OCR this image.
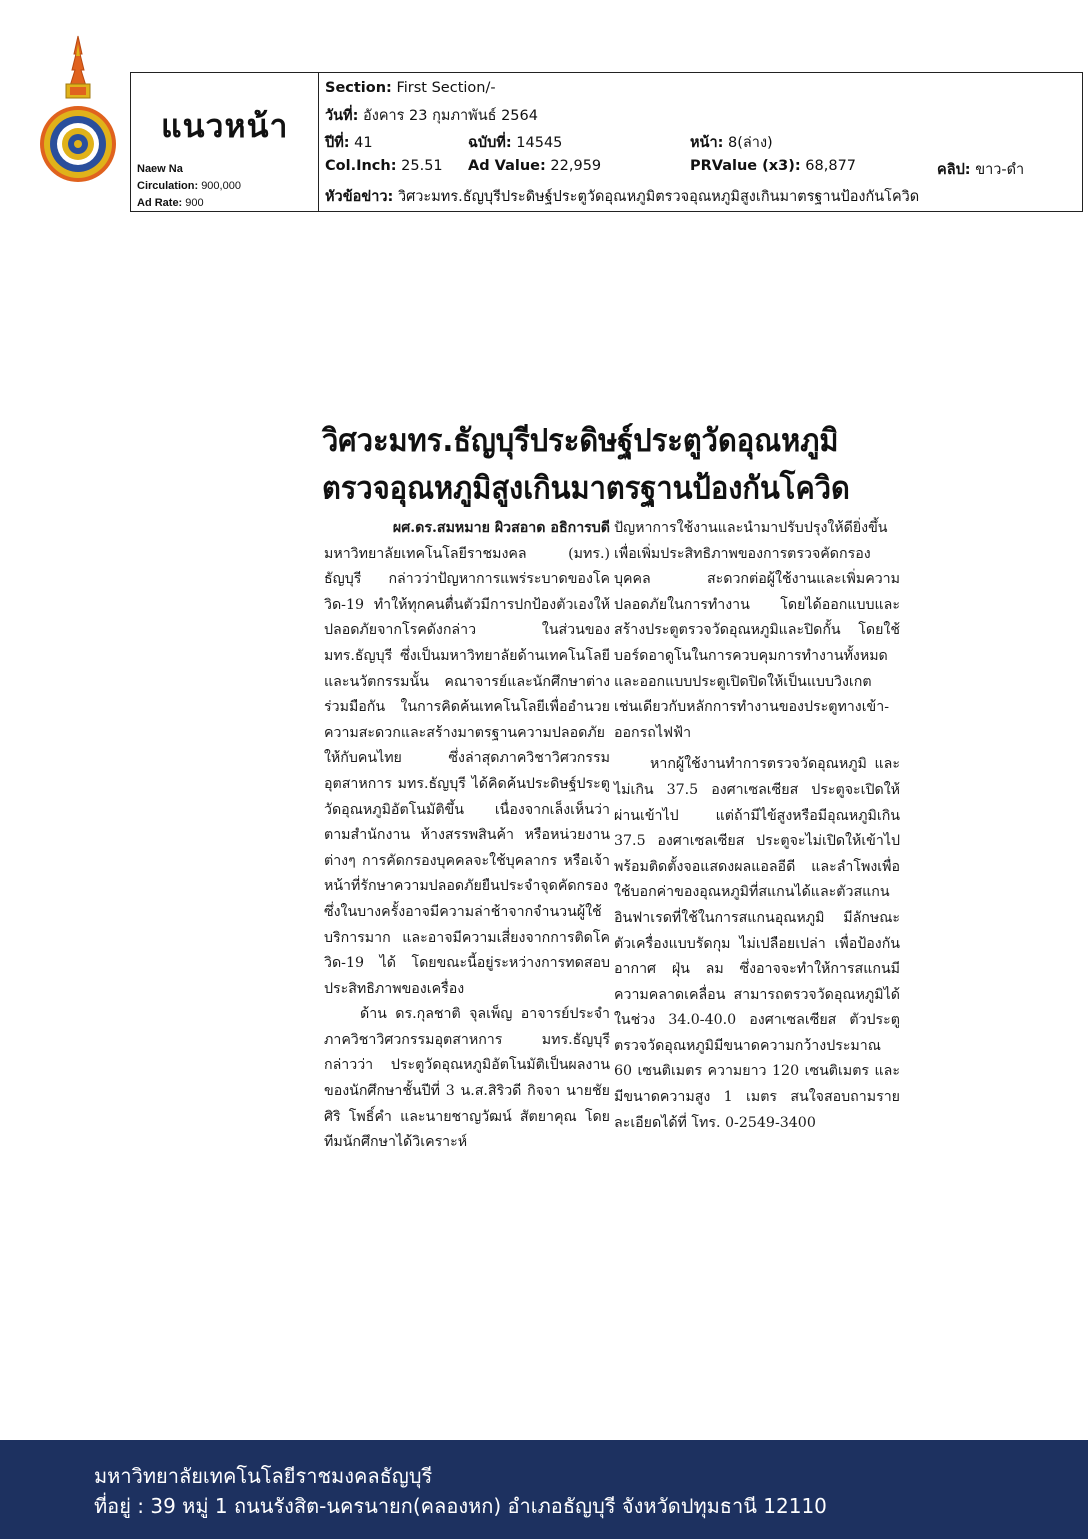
แนวหน้า
Naew Na
Circulation: 900,000
Ad Rate: 900
Section: First Section/-
วันที่: อังคาร 23 กุมภาพันธ์ 2564
ปีที่: 41	ฉบับที่: 14545	หน้า: 8(ล่าง)
Col.Inch: 25.51 Ad Value: 22,959	PRValue (x3): 68,877	คลิป: ขาว-ดำ
หัวข้อข่าว: วิศวะมทร.ธัญบุรีประดิษฐ์ประตูวัดอุณหภูมิตรวจอุณหภูมิสูงเกินมาตรฐานป้องกันโควิด
วิศวะมทร.ธัญบุรีประดิษฐ์ประตูวัดอุณหภูมิ
ตรวจอุณหภูมิสูงเกินมาตรฐานป้องกันโควิด

ผศ.ดร.สมหมาย ผิวสอาด อธิการบดี
มหาวิทยาลัยเทคโนโลยีราชมงคล (มทร.) ธัญบุรี กล่าวว่าปัญหาการแพร่ระบาดของโควิด-19 ทำให้ทุกคนตื่นตัวมีการปกป้องตัวเองให้ปลอดภัยจากโรคดังกล่าว ในส่วนของ มทร.ธัญบุรี ซึ่งเป็นมหาวิทยาลัยด้านเทคโนโลยีและนวัตกรรมนั้น คณาจารย์และนักศึกษาต่างร่วมมือกัน ในการคิดค้นเทคโนโลยีเพื่ออำนวยความสะดวกและสร้างมาตรฐานความปลอดภัยให้กับคนไทย ซึ่งล่าสุดภาควิชาวิศวกรรมอุตสาหการ มทร.ธัญบุรี ได้คิดค้นประดิษฐ์ประตูวัดอุณหภูมิอัตโนมัติขึ้น เนื่องจากเล็งเห็นว่าตามสำนักงาน ห้างสรรพสินค้า หรือหน่วยงานต่างๆ การคัดกรองบุคคลจะใช้บุคลากร หรือเจ้าหน้าที่รักษาความปลอดภัยยืนประจำจุดคัดกรอง ซึ่งในบางครั้งอาจมีความล่าช้าจากจำนวนผู้ใช้บริการมาก และอาจมีความเสี่ยงจากการติดโควิด-19 ได้ โดยขณะนี้อยู่ระหว่างการทดสอบประสิทธิภาพของเครื่อง

ด้าน ดร.กุลชาติ จุลเพ็ญ อาจารย์ประจำภาควิชาวิศวกรรมอุตสาหการ มทร.ธัญบุรี กล่าวว่า ประตูวัดอุณหภูมิอัตโนมัติเป็นผลงานของนักศึกษาชั้นปีที่ 3 น.ส.สิริวดี กิจจา นายชัยศิริ โพธิ์คำ และนายชาญวัฒน์ สัตยาคุณ โดยทีมนักศึกษาได้วิเคราะห์

ปัญหาการใช้งานและนำมาปรับปรุงให้ดียิ่งขึ้น เพื่อเพิ่มประสิทธิภาพของการตรวจคัดกรองบุคคล สะดวกต่อผู้ใช้งานและเพิ่มความปลอดภัยในการทำงาน โดยได้ออกแบบและสร้างประตูตรวจวัดอุณหภูมิและปิดกั้น โดยใช้บอร์ดอาดูโนในการควบคุมการทำงานทั้งหมด และออกแบบประตูเปิดปิดให้เป็นแบบวิงเกต เช่นเดียวกับหลักการทำงานของประตูทางเข้า-ออกรถไฟฟ้า

หากผู้ใช้งานทำการตรวจวัดอุณหภูมิ และไม่เกิน 37.5 องศาเซลเซียส ประตูจะเปิดให้ผ่านเข้าไป แต่ถ้ามีไข้สูงหรือมีอุณหภูมิเกิน 37.5 องศาเซลเซียส ประตูจะไม่เปิดให้เข้าไป พร้อมติดตั้งจอแสดงผลแอลอีดี และลำโพงเพื่อใช้บอกค่าของอุณหภูมิที่สแกนได้และตัวสแกนอินฟาเรดที่ใช้ในการสแกนอุณหภูมิ มีลักษณะตัวเครื่องแบบรัดกุม ไม่เปลือยเปล่า เพื่อป้องกันอากาศ ฝุ่น ลม ซึ่งอาจจะทำให้การสแกนมีความคลาดเคลื่อน สามารถตรวจวัดอุณหภูมิได้ในช่วง 34.0-40.0 องศาเซลเซียส ตัวประตูตรวจวัดอุณหภูมิมีขนาดความกว้างประมาณ 60 เซนติเมตร ความยาว 120 เซนติเมตร และมีขนาดความสูง 1 เมตร สนใจสอบถามรายละเอียดได้ที่ โทร. 0-2549-3400

มหาวิทยาลัยเทคโนโลยีราชมงคลธัญบุรี
ที่อยู่ : 39 หมู่ 1 ถนนรังสิต-นครนายก(คลองหก) อำเภอธัญบุรี จังหวัดปทุมธานี 12110
